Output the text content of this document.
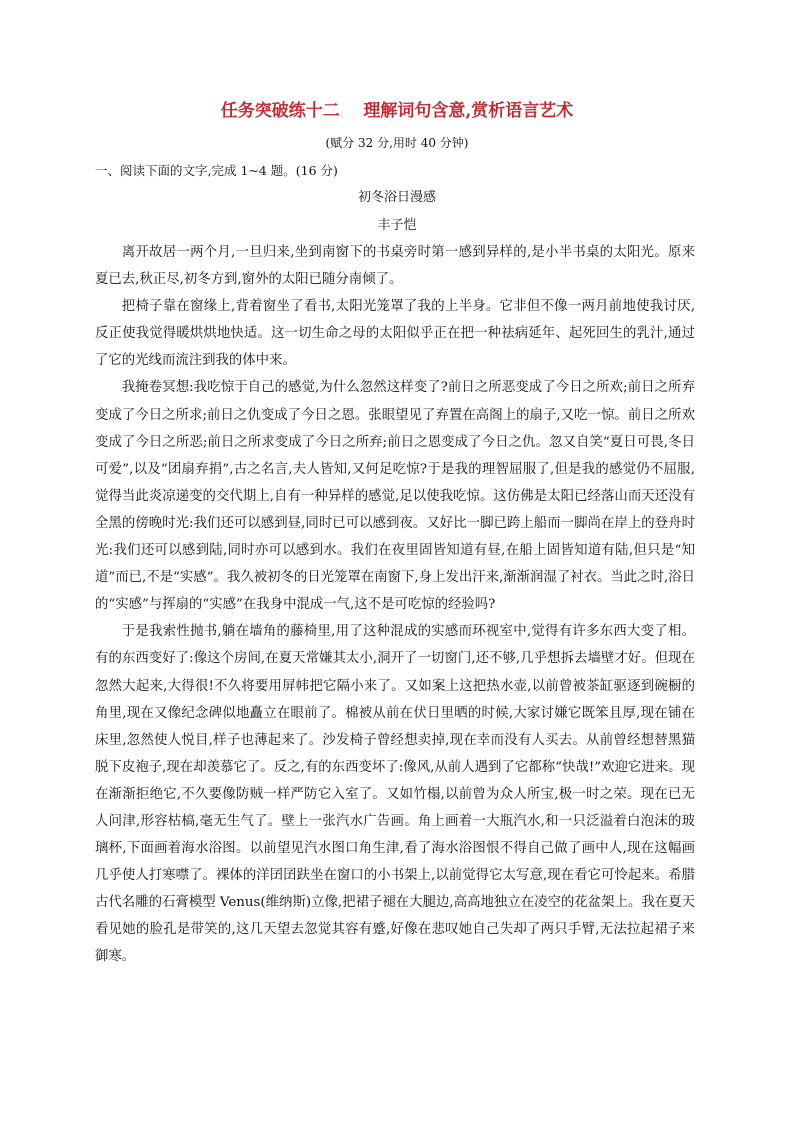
任务突破练十二    理解词句含意,赏析语言艺术
(赋分 32 分,用时 40 分钟)
一、阅读下面的文字,完成 1~4 题。(16 分)
初冬浴日漫感
丰子恺

离开故居一两个月,一旦归来,坐到南窗下的书桌旁时第一感到异样的,是小半书桌的太阳光。原来夏已去,秋正尽,初冬方到,窗外的太阳已随分南倾了。

把椅子靠在窗缘上,背着窗坐了看书,太阳光笼罩了我的上半身。它非但不像一两月前地使我讨厌,反正使我觉得暖烘烘地快适。这一切生命之母的太阳似乎正在把一种祛病延年、起死回生的乳汁,通过了它的光线而流注到我的体中来。

我掩卷冥想:我吃惊于自己的感觉,为什么忽然这样变了?前日之所恶变成了今日之所欢;前日之所弃变成了今日之所求;前日之仇变成了今日之恩。张眼望见了弃置在高阁上的扇子,又吃一惊。前日之所欢变成了今日之所恶;前日之所求变成了今日之所弃;前日之恩变成了今日之仇。忽又自笑“夏日可畏,冬日可爱”,以及“团扇弃捐”,古之名言,夫人皆知,又何足吃惊?于是我的理智屈服了,但是我的感觉仍不屈服,觉得当此炎凉递变的交代期上,自有一种异样的感觉,足以使我吃惊。这仿佛是太阳已经落山而天还没有全黑的傍晚时光:我们还可以感到昼,同时已可以感到夜。又好比一脚已跨上船而一脚尚在岸上的登舟时光:我们还可以感到陆,同时亦可以感到水。我们在夜里固皆知道有昼,在船上固皆知道有陆,但只是“知道”而已,不是“实感”。我久被初冬的日光笼罩在南窗下,身上发出汗来,渐渐润湿了衬衣。当此之时,浴日的“实感”与挥扇的“实感”在我身中混成一气,这不是可吃惊的经验吗?

于是我索性抛书,躺在墙角的藤椅里,用了这种混成的实感而环视室中,觉得有许多东西大变了相。有的东西变好了:像这个房间,在夏天常嫌其太小,洞开了一切窗门,还不够,几乎想拆去墙壁才好。但现在忽然大起来,大得很!不久将要用屏帏把它隔小来了。又如案上这把热水壶,以前曾被茶缸驱逐到碗橱的角里,现在又像纪念碑似地矗立在眼前了。棉被从前在伏日里晒的时候,大家讨嫌它既笨且厚,现在铺在床里,忽然使人悦目,样子也薄起来了。沙发椅子曾经想卖掉,现在幸而没有人买去。从前曾经想替黑猫脱下皮袍子,现在却羡慕它了。反之,有的东西变坏了:像风,从前人遇到了它都称“快哉!”欢迎它进来。现在渐渐拒绝它,不久要像防贼一样严防它入室了。又如竹榻,以前曾为众人所宝,极一时之荣。现在已无人问津,形容枯槁,毫无生气了。壁上一张汽水广告画。角上画着一大瓶汽水,和一只泛溢着白泡沫的玻璃杯,下面画着海水浴图。以前望见汽水图口角生津,看了海水浴图恨不得自己做了画中人,现在这幅画几乎使人打寒噤了。裸体的洋囝囝趺坐在窗口的小书架上,以前觉得它太写意,现在看它可怜起来。希腊古代名雕的石膏模型 Venus(维纳斯)立像,把裙子褪在大腿边,高高地独立在凌空的花盆架上。我在夏天看见她的脸孔是带笑的,这几天望去忽觉其容有蹙,好像在悲叹她自己失却了两只手臂,无法拉起裙子来御寒。
